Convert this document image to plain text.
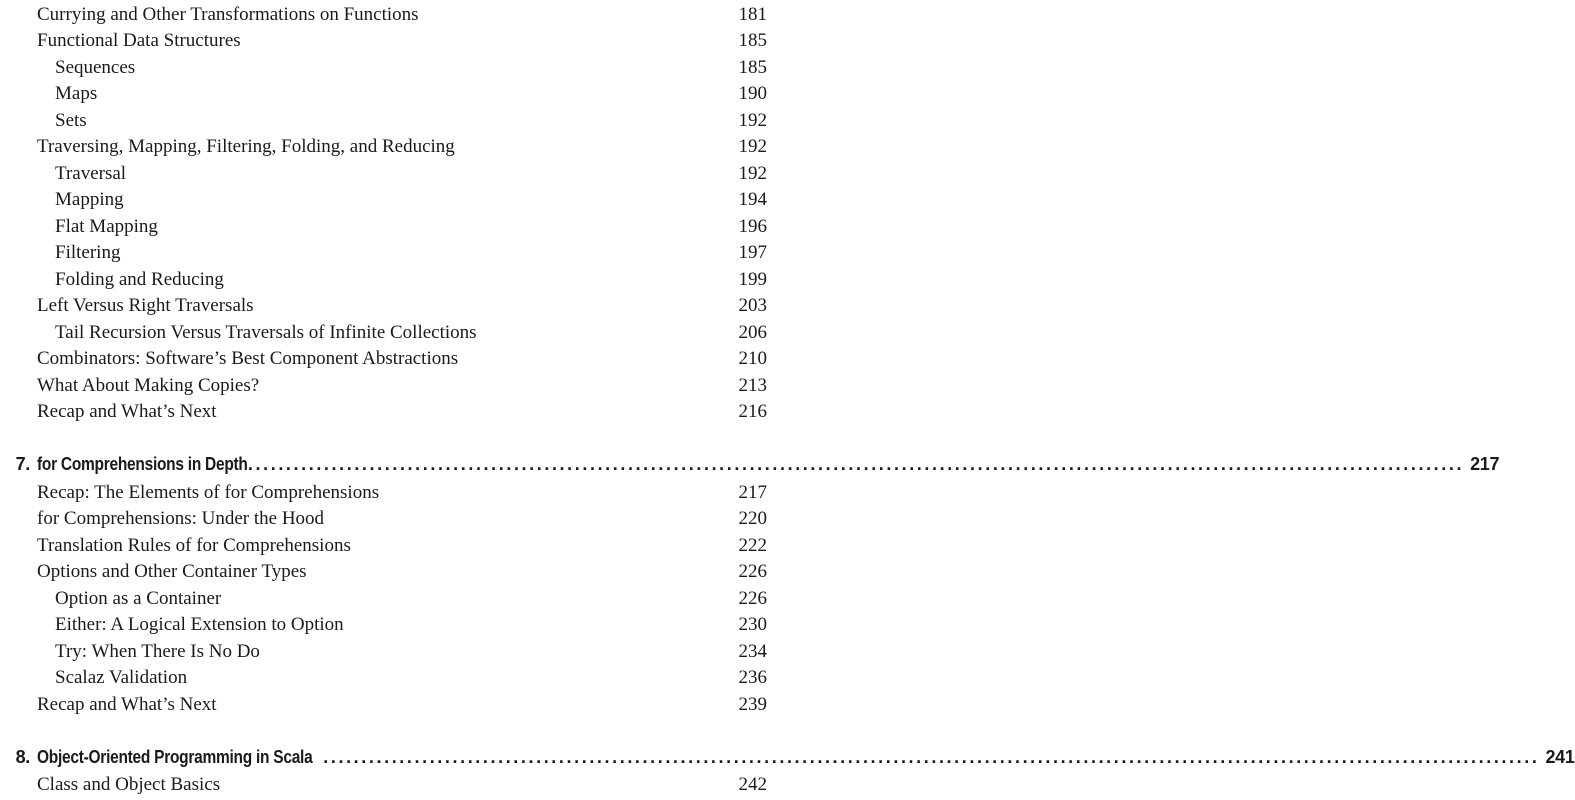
Currying and Other Transformations on Functions	181
Functional Data Structures	185
Sequences	185
Maps	190
Sets	192
Traversing, Mapping, Filtering, Folding, and Reducing	192
Traversal	192
Mapping	194
Flat Mapping	196
Filtering	197
Folding and Reducing	199
Left Versus Right Traversals	203
Tail Recursion Versus Traversals of Infinite Collections	206
Combinators: Software’s Best Component Abstractions	210
What About Making Copies?	213
Recap and What’s Next	216
7. for Comprehensions in Depth ................................................................................................................................................................ 217
Recap: The Elements of for Comprehensions	217
for Comprehensions: Under the Hood	220
Translation Rules of for Comprehensions	222
Options and Other Container Types	226
Option as a Container	226
Either: A Logical Extension to Option	230
Try: When There Is No Do	234
Scalaz Validation	236
Recap and What’s Next	239
8. Object-Oriented Programming in Scala ................................................................................................................................................................ 241
Class and Object Basics	242
